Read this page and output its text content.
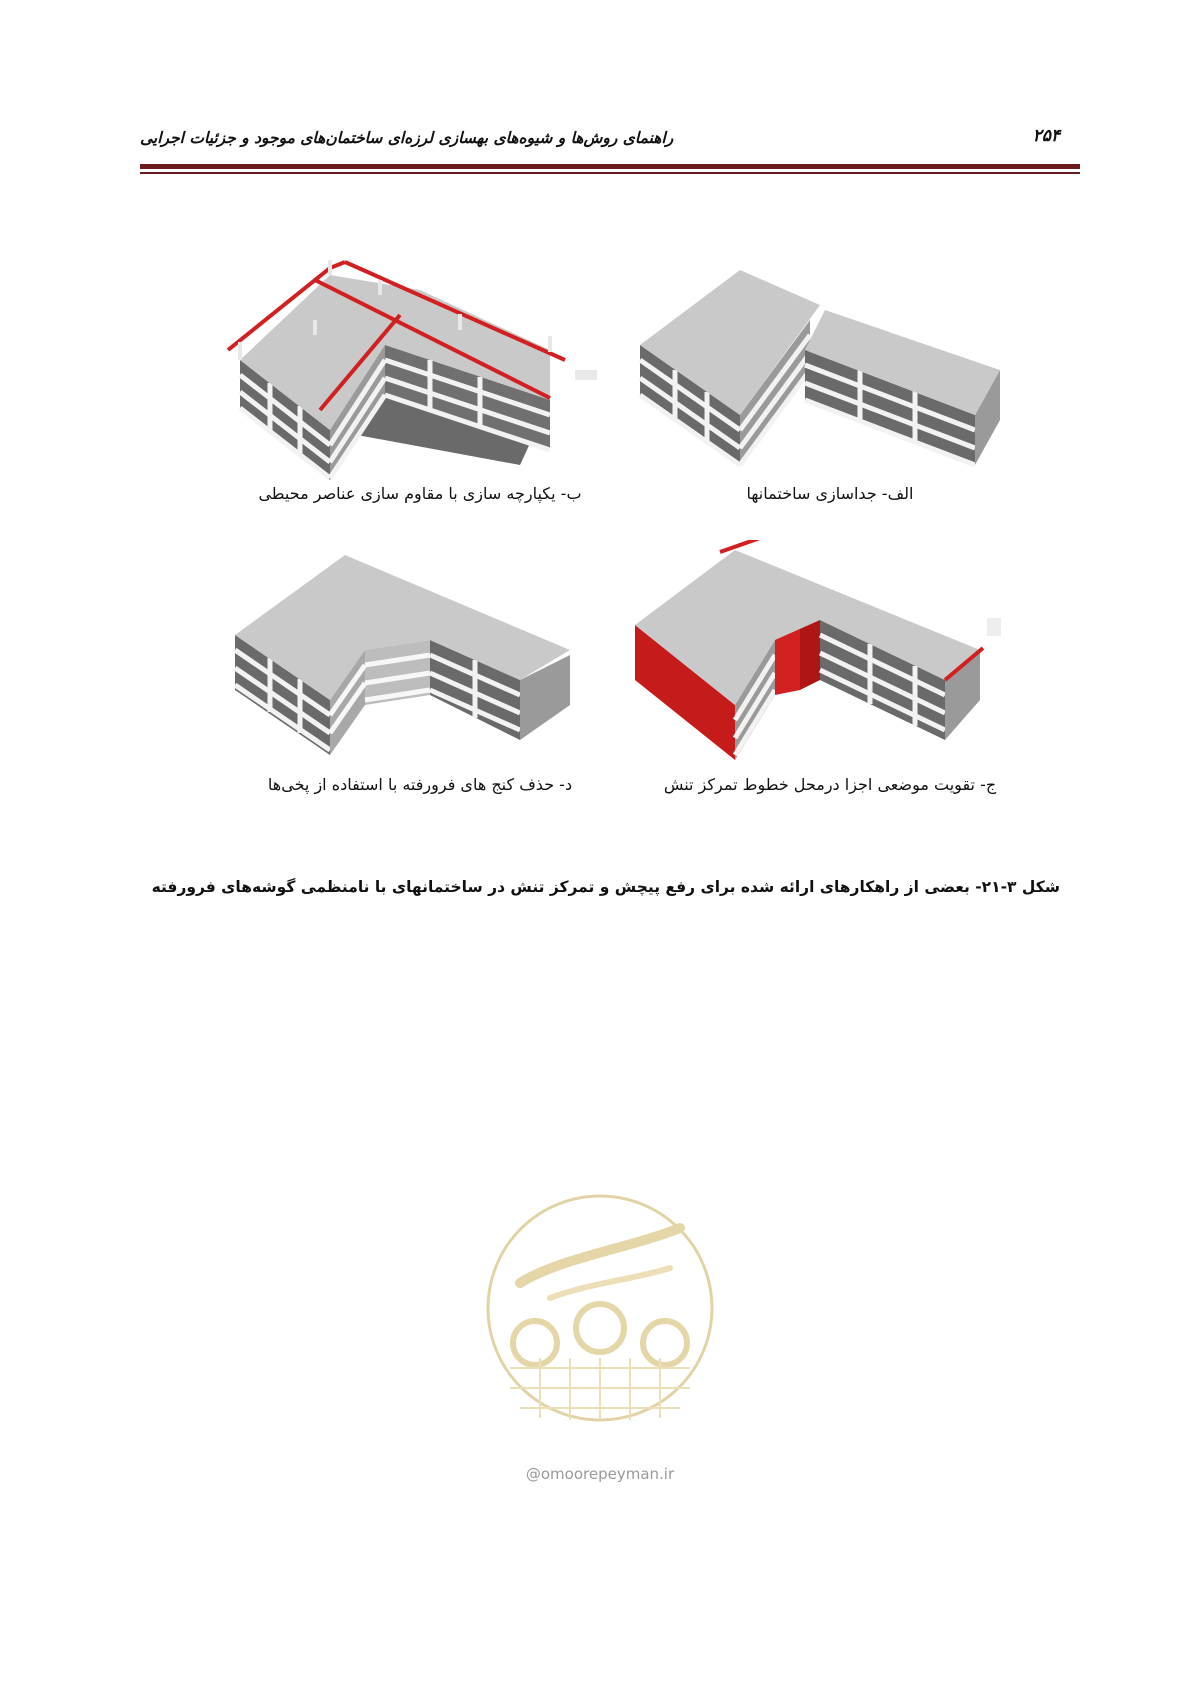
راهنمای روش‌ها و شیوه‌های بهسازی لرزه‌ای ساختمان‌های موجود و جزئیات اجرایی	۲۵۴
ب- یکپارچه سازی با مقاوم سازی عناصر محیطی	الف- جداسازی ساختمانها
د- حذف کنج های فرورفته با استفاده از پخی‌ها	ج- تقویت موضعی اجزا درمحل خطوط تمرکز تنش
شکل ۳-۲۱- بعضی از راهکارهای ارائه شده برای رفع پیچش و تمرکز تنش در ساختمانهای با نامنظمی گوشه‌های فرورفته
@omoorepeyman.ir
